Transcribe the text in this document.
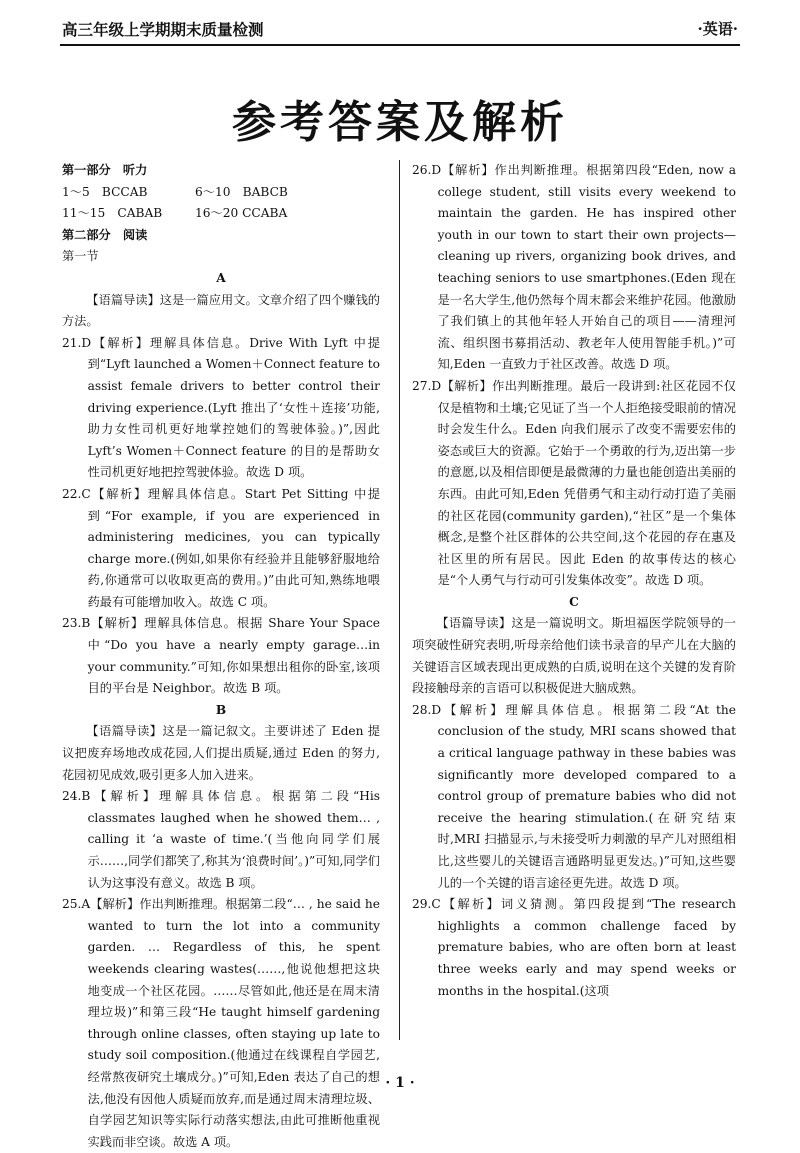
高三年级上学期期末质量检测	·英语·
参考答案及解析

第一部分　听力

1～5　BCCAB	6～10　BABCB

11～15　CABAB	16～20 CCABA

第二部分　阅读

第一节

A

【语篇导读】这是一篇应用文。文章介绍了四个赚钱的方法。

21.D【解析】理解具体信息。Drive With Lyft 中提到“Lyft launched a Women＋Connect feature to assist female drivers to better control their driving experience.(Lyft 推出了‘女性＋连接’功能,助力女性司机更好地掌控她们的驾驶体验。)”,因此 Lyft’s Women＋Connect feature 的目的是帮助女性司机更好地把控驾驶体验。故选 D 项。

22.C【解析】理解具体信息。Start Pet Sitting 中提到“For example, if you are experienced in administering medicines, you can typically charge more.(例如,如果你有经验并且能够舒服地给药,你通常可以收取更高的费用。)”由此可知,熟练地喂药最有可能增加收入。故选 C 项。

23.B【解析】理解具体信息。根据 Share Your Space 中“Do you have a nearly empty garage…in your community.”可知,你如果想出租你的卧室,该项目的平台是 Neighbor。故选 B 项。

B

【语篇导读】这是一篇记叙文。主要讲述了 Eden 提议把废弃场地改成花园,人们提出质疑,通过 Eden 的努力,花园初见成效,吸引更多人加入进来。

24.B【解析】理解具体信息。根据第二段“His classmates laughed when he showed them… , calling it ‘a waste of time.’(当他向同学们展示……,同学们都笑了,称其为‘浪费时间’。)”可知,同学们认为这事没有意义。故选 B 项。

25.A【解析】作出判断推理。根据第二段“… , he said he wanted to turn the lot into a community garden. … Regardless of this, he spent weekends clearing wastes(……,他说他想把这块地变成一个社区花园。……尽管如此,他还是在周末清理垃圾)”和第三段“He taught himself gardening through online classes, often staying up late to study soil composition.(他通过在线课程自学园艺,经常熬夜研究土壤成分。)”可知,Eden 表达了自己的想法,他没有因他人质疑而放弃,而是通过周末清理垃圾、自学园艺知识等实际行动落实想法,由此可推断他重视实践而非空谈。故选 A 项。

26.D【解析】作出判断推理。根据第四段“Eden, now a college student, still visits every weekend to maintain the garden. He has inspired other youth in our town to start their own projects—cleaning up rivers, organizing book drives, and teaching seniors to use smartphones.(Eden 现在是一名大学生,他仍然每个周末都会来维护花园。他激励了我们镇上的其他年轻人开始自己的项目——清理河流、组织图书募捐活动、教老年人使用智能手机。)”可知,Eden 一直致力于社区改善。故选 D 项。

27.D【解析】作出判断推理。最后一段讲到:社区花园不仅仅是植物和土壤;它见证了当一个人拒绝接受眼前的情况时会发生什么。Eden 向我们展示了改变不需要宏伟的姿态或巨大的资源。它始于一个勇敢的行为,迈出第一步的意愿,以及相信即便是最微薄的力量也能创造出美丽的东西。由此可知,Eden 凭借勇气和主动行动打造了美丽的社区花园(community garden),“社区”是一个集体概念,是整个社区群体的公共空间,这个花园的存在惠及社区里的所有居民。因此 Eden 的故事传达的核心是“个人勇气与行动可引发集体改变”。故选 D 项。

C

【语篇导读】这是一篇说明文。斯坦福医学院领导的一项突破性研究表明,听母亲给他们读书录音的早产儿在大脑的关键语言区域表现出更成熟的白质,说明在这个关键的发育阶段接触母亲的言语可以积极促进大脑成熟。

28.D【解析】理解具体信息。根据第二段“At the conclusion of the study, MRI scans showed that a critical language pathway in these babies was significantly more developed compared to a control group of premature babies who did not receive the hearing stimulation.(在研究结束时,MRI 扫描显示,与未接受听力刺激的早产儿对照组相比,这些婴儿的关键语言通路明显更发达。)”可知,这些婴儿的一个关键的语言途径更先进。故选 D 项。

29.C【解析】词义猜测。第四段提到“The research highlights a common challenge faced by premature babies, who are often born at least three weeks early and may spend weeks or months in the hospital.(这项

· 1 ·
